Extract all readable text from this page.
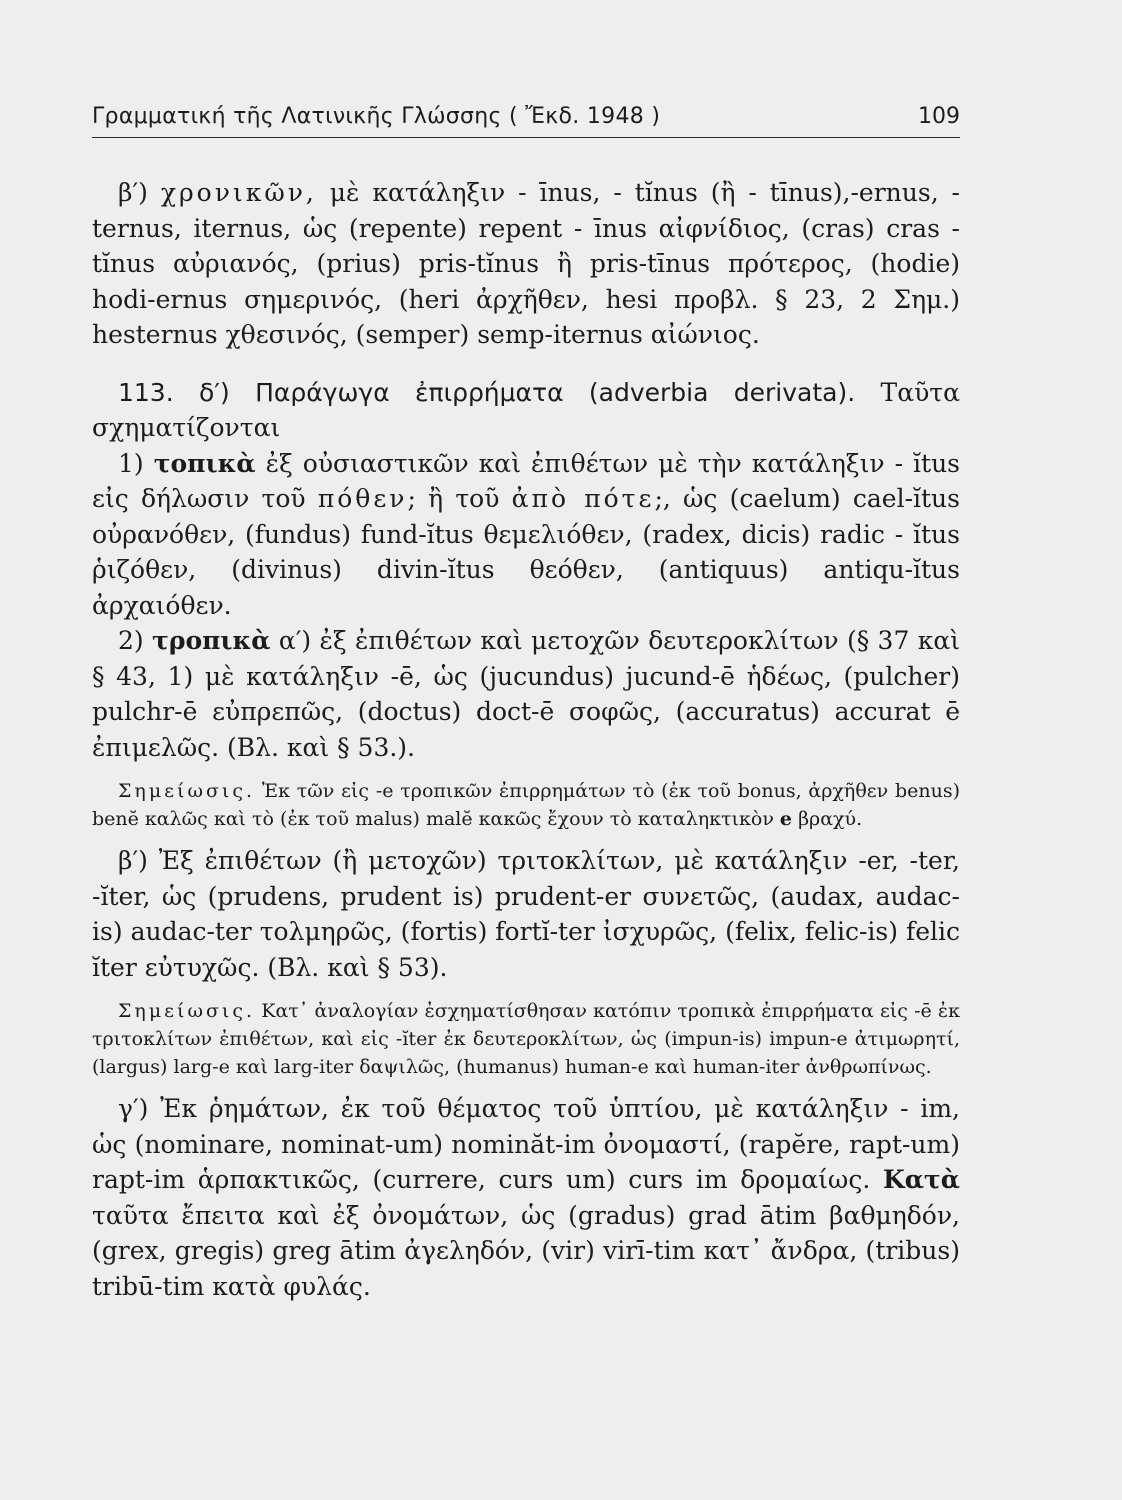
Γραμματική τῆς Λατινικῆς Γλώσσης ( Ἔκδ. 1948 )	109

β′) χρονικῶν, μὲ κατάληξιν - īnus, - tĭnus (ἢ - tīnus),-ernus, -ternus, iternus, ὡς (repente) repent - īnus αἰφνίδιος, (cras) cras - tĭnus αὐριανός, (prius) pris-tĭnus ἢ pris-tīnus πρότερος, (hodie) hodi-ernus σημερινός, (heri ἀρχῆθεν, hesi προβλ. § 23, 2 Σημ.) hesternus χθεσινός, (semper) semp-iternus αἰώνιος.

113. δ′) Παράγωγα ἐπιρρήματα (adverbia derivata). Ταῦτα σχηματίζονται

1) τοπικὰ ἐξ οὐσιαστικῶν καὶ ἐπιθέτων μὲ τὴν κατάληξιν - ĭtus εἰς δήλωσιν τοῦ πόθεν; ἢ τοῦ ἀπὸ πότε;, ὡς (caelum) cael-ĭtus οὐρανόθεν, (fundus) fund-ĭtus θεμελιόθεν, (radex, dicis) radic - ĭtus ῥιζόθεν, (divinus) divin-ĭtus θεόθεν, (antiquus) antiqu-ĭtus ἀρχαιόθεν.

2) τροπικὰ α′) ἐξ ἐπιθέτων καὶ μετοχῶν δευτεροκλίτων (§ 37 καὶ § 43, 1) μὲ κατάληξιν -ē, ὡς (jucundus) jucund-ē ἡδέως, (pulcher) pulchr-ē εὐπρεπῶς, (doctus) doct-ē σοφῶς, (accuratus) accurat ē ἐπιμελῶς. (Βλ. καὶ § 53.).

Σημείωσις. Ἐκ τῶν εἰς -e τροπικῶν ἐπιρρημάτων τὸ (ἐκ τοῦ bonus, ἀρχῆθεν benus) benĕ καλῶς καὶ τὸ (ἐκ τοῦ malus) malĕ κακῶς ἔχουν τὸ καταληκτικὸν e βραχύ.

β′) Ἐξ ἐπιθέτων (ἢ μετοχῶν) τριτοκλίτων, μὲ κατάληξιν -er, -ter, -ĭter, ὡς (prudens, prudent is) prudent-er συνετῶς, (audax, audac-is) audac-ter τολμηρῶς, (fortis) fortĭ-ter ἰσχυρῶς, (felix, felic-is) felic ĭter εὐτυχῶς. (Βλ. καὶ § 53).

Σημείωσις. Κατ᾽ ἀναλογίαν ἐσχηματίσθησαν κατόπιν τροπικὰ ἐπιρρήματα εἰς -ē ἐκ τριτοκλίτων ἐπιθέτων, καὶ εἰς -ĭter ἐκ δευτεροκλίτων, ὡς (impun-is) impun-e ἀτιμωρητί, (largus) larg-e καὶ larg-iter δαψιλῶς, (humanus) human-e καὶ human-iter ἀνθρωπίνως.

γ′) Ἐκ ῥημάτων, ἐκ τοῦ θέματος τοῦ ὑπτίου, μὲ κατάληξιν - im, ὡς (nominare, nominat-um) nominăt-im ὀνομαστί, (rapĕre, rapt-um) rapt-im ἁρπακτικῶς, (currere, curs um) curs im δρομαίως. Κατὰ ταῦτα ἔπειτα καὶ ἐξ ὀνομάτων, ὡς (gradus) grad ātim βαθμηδόν, (grex, gregis) greg ātim ἀγεληδόν, (vir) virī-tim κατ᾽ ἄνδρα, (tribus) tribū-tim κατὰ φυλάς.
